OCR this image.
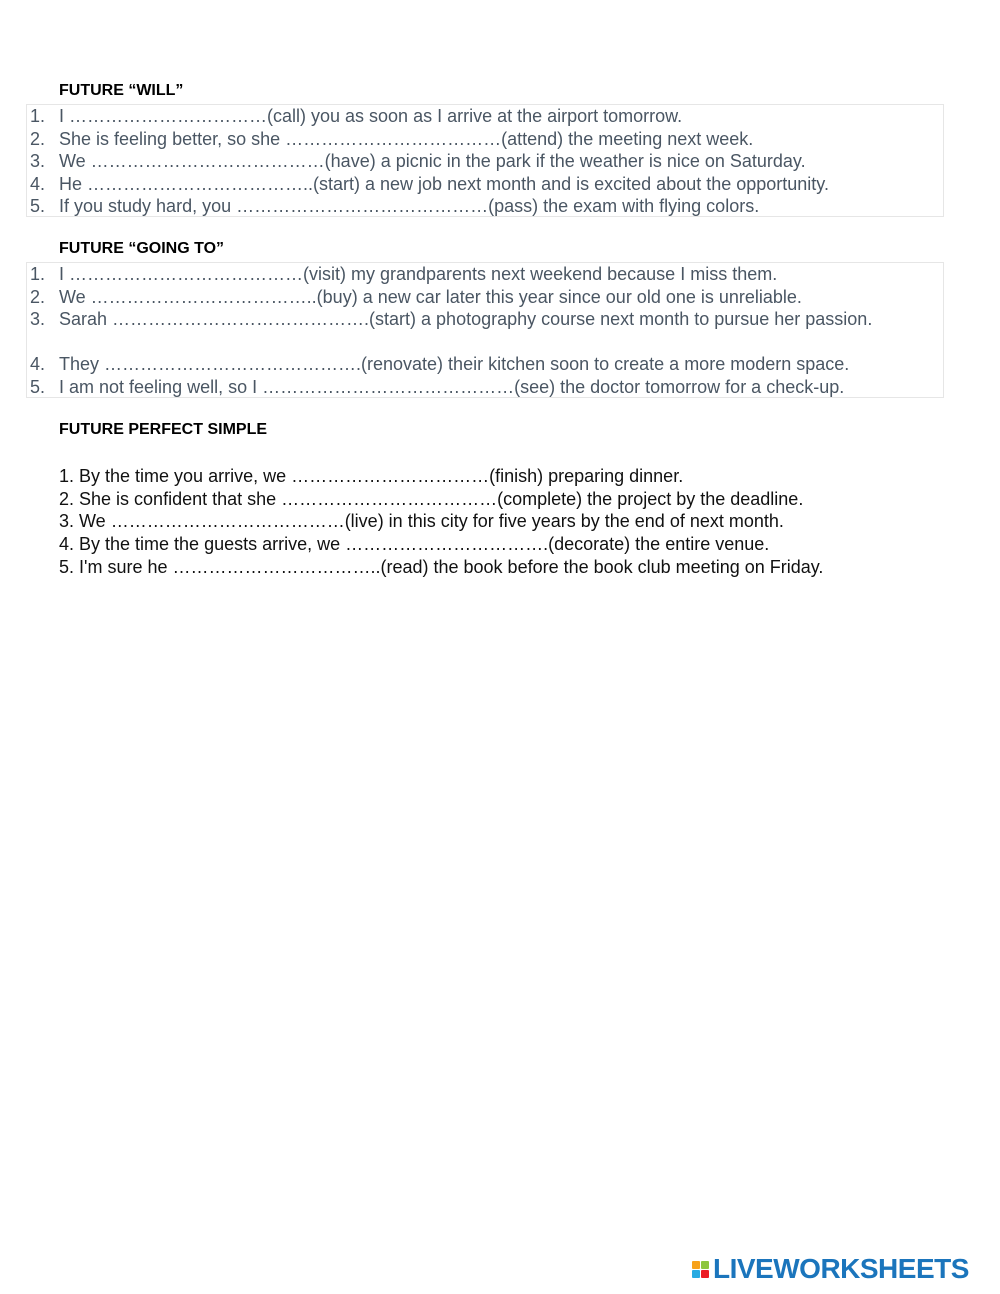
FUTURE “WILL”
1. I ……………………………(call) you as soon as I arrive at the airport tomorrow.
2. She is feeling better, so she ………………………………(attend) the meeting next week.
3. We …………………………………(have) a picnic in the park if the weather is nice on Saturday.
4. He ………………………………..(start) a new job next month and is excited about the opportunity.
5. If you study hard, you ……………………………………(pass) the exam with flying colors.
FUTURE “GOING TO”
1. I …………………………………(visit) my grandparents next weekend because I miss them.
2. We ………………………………..(buy) a new car later this year since our old one is unreliable.
3. Sarah …………………………………….(start) a photography course next month to pursue her passion.
4. They …………………………………….(renovate) their kitchen soon to create a more modern space.
5. I am not feeling well, so I ……………………………………(see) the doctor tomorrow for a check-up.
FUTURE PERFECT SIMPLE
1. By the time you arrive, we ……………………………(finish) preparing dinner.
2. She is confident that she ………………………………(complete) the project by the deadline.
3. We …………………………………(live) in this city for five years by the end of next month.
4. By the time the guests arrive, we …………………………….(decorate) the entire venue.
5. I'm sure he ……………………………..(read) the book before the book club meeting on Friday.
LIVEWORKSHEETS
